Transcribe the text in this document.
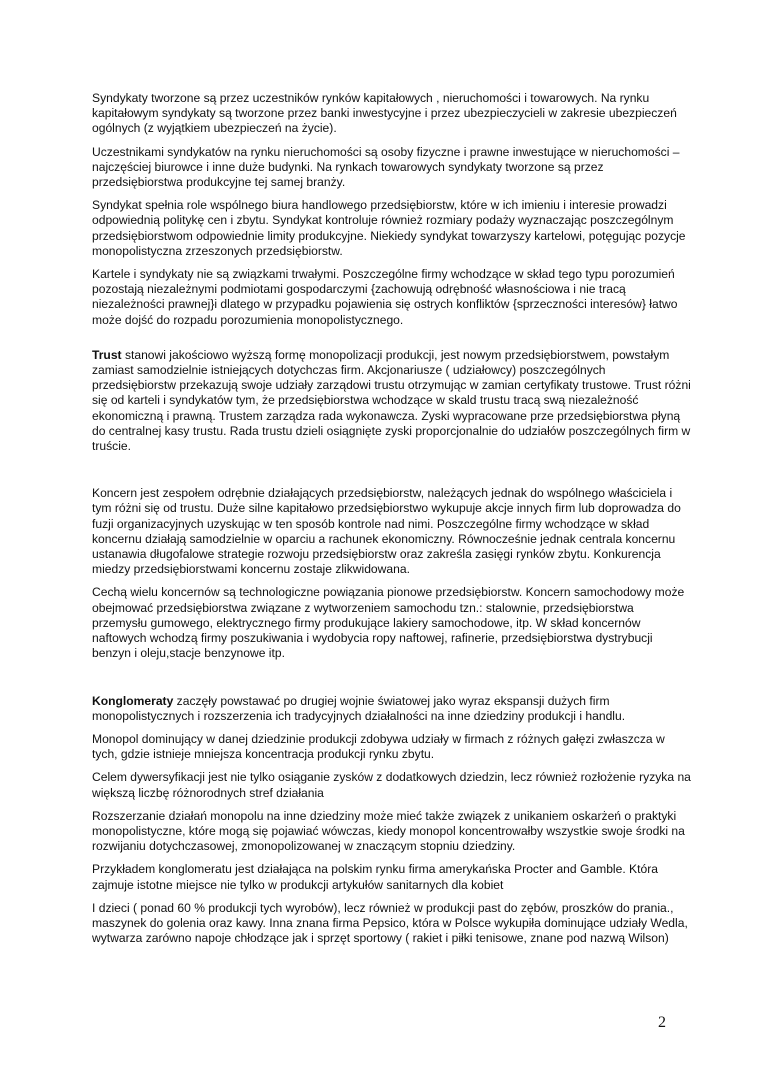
Syndykaty tworzone są przez uczestników rynków kapitałowych , nieruchomości i towarowych. Na rynku kapitałowym syndykaty są tworzone przez banki inwestycyjne i przez ubezpieczycieli w zakresie ubezpieczeń ogólnych (z wyjątkiem ubezpieczeń na życie).

Uczestnikami syndykatów na rynku nieruchomości są osoby fizyczne i prawne inwestujące w nieruchomości – najczęściej biurowce i inne duże budynki. Na rynkach towarowych syndykaty tworzone są przez przedsiębiorstwa produkcyjne tej samej branży.

Syndykat spełnia role wspólnego biura handlowego przedsiębiorstw, które w ich imieniu i interesie prowadzi odpowiednią politykę cen i zbytu. Syndykat kontroluje również rozmiary podaży wyznaczając poszczególnym przedsiębiorstwom odpowiednie limity produkcyjne. Niekiedy syndykat towarzyszy kartelowi, potęgując pozycje monopolistyczna zrzeszonych przedsiębiorstw.

Kartele i syndykaty nie są związkami trwałymi. Poszczególne firmy wchodzące w skład tego typu porozumień pozostają niezależnymi podmiotami gospodarczymi {zachowują odrębność własnościowa i nie tracą niezależności prawnej}i dlatego w przypadku pojawienia się ostrych konfliktów {sprzeczności interesów} łatwo może dojść do rozpadu porozumienia monopolistycznego.

Trust stanowi jakościowo wyższą formę monopolizacji produkcji, jest nowym przedsiębiorstwem, powstałym zamiast samodzielnie istniejących dotychczas firm. Akcjonariusze ( udziałowcy) poszczególnych przedsiębiorstw przekazują swoje udziały zarządowi trustu otrzymując w zamian certyfikaty trustowe. Trust różni się od karteli i syndykatów tym, że przedsiębiorstwa wchodzące w skald trustu tracą swą niezależność ekonomiczną i prawną. Trustem zarządza rada wykonawcza. Zyski wypracowane prze przedsiębiorstwa płyną do centralnej kasy trustu. Rada trustu dzieli osiągnięte zyski proporcjonalnie do udziałów poszczególnych firm w truście.

Koncern jest zespołem odrębnie działających przedsiębiorstw, należących jednak do wspólnego właściciela i tym różni się od trustu. Duże silne kapitałowo przedsiębiorstwo wykupuje akcje innych firm lub doprowadza do fuzji organizacyjnych uzyskując w ten sposób kontrole nad nimi. Poszczególne firmy wchodzące w skład koncernu działają samodzielnie w oparciu a rachunek ekonomiczny. Równocześnie jednak centrala koncernu ustanawia długofalowe strategie rozwoju przedsiębiorstw oraz zakreśla zasięgi rynków zbytu. Konkurencja miedzy przedsiębiorstwami koncernu zostaje zlikwidowana.

Cechą wielu koncernów są technologiczne powiązania pionowe przedsiębiorstw. Koncern samochodowy może obejmować przedsiębiorstwa związane z wytworzeniem samochodu tzn.: stalownie, przedsiębiorstwa przemysłu gumowego, elektrycznego firmy produkujące lakiery samochodowe, itp. W skład koncernów naftowych wchodzą firmy poszukiwania i wydobycia ropy naftowej, rafinerie, przedsiębiorstwa dystrybucji benzyn i oleju,stacje benzynowe itp.

Konglomeraty zaczęły powstawać po drugiej wojnie światowej jako wyraz ekspansji dużych firm monopolistycznych i rozszerzenia ich tradycyjnych działalności na inne dziedziny produkcji i handlu.

Monopol dominujący w danej dziedzinie produkcji zdobywa udziały w firmach z różnych gałęzi zwłaszcza w tych, gdzie istnieje mniejsza koncentracja produkcji rynku zbytu.

Celem dywersyfikacji jest nie tylko osiąganie zysków z dodatkowych dziedzin, lecz również rozłożenie ryzyka na większą liczbę różnorodnych stref działania

Rozszerzanie działań monopolu na inne dziedziny może mieć także związek z unikaniem oskarżeń o praktyki monopolistyczne, które mogą się pojawiać wówczas, kiedy monopol koncentrowałby wszystkie swoje środki na rozwijaniu dotychczasowej, zmonopolizowanej w znaczącym stopniu dziedziny.

Przykładem konglomeratu jest działająca na polskim rynku firma amerykańska Procter and Gamble. Która zajmuje istotne miejsce nie tylko w produkcji artykułów sanitarnych dla kobiet

I dzieci ( ponad 60 % produkcji tych wyrobów), lecz również w produkcji past do zębów, proszków do prania., maszynek do golenia oraz kawy. Inna znana firma Pepsico, która w Polsce wykupiła dominujące udziały Wedla, wytwarza zarówno napoje chłodzące jak i sprzęt sportowy ( rakiet i piłki tenisowe, znane pod nazwą Wilson)

2
